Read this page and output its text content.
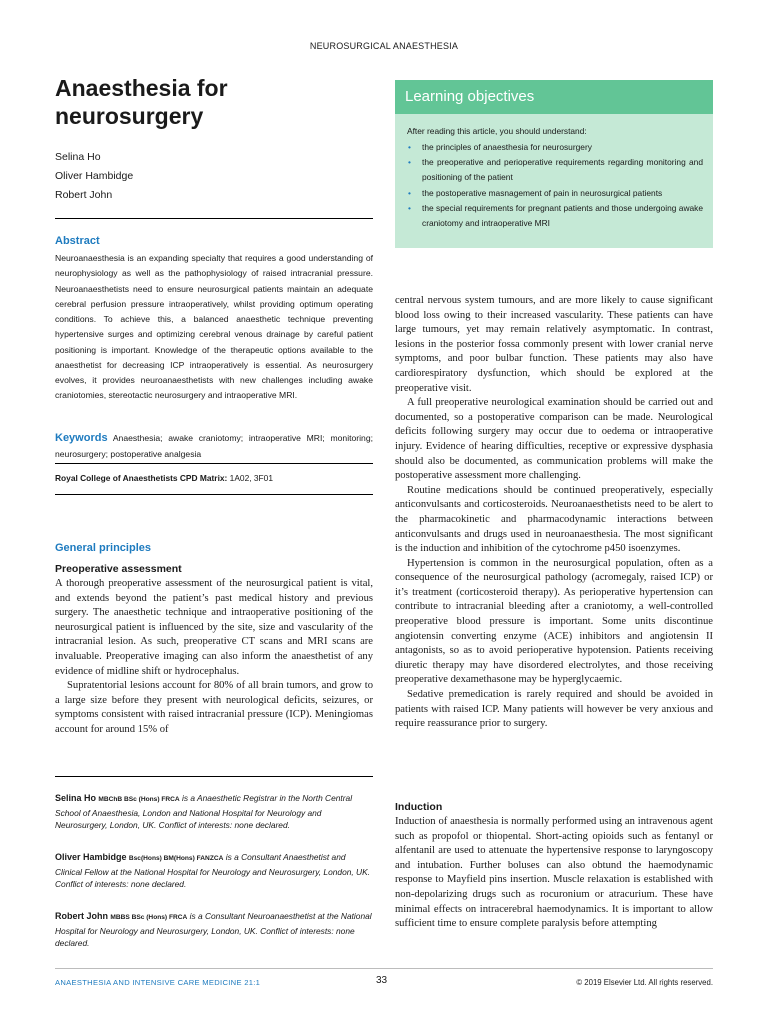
NEUROSURGICAL ANAESTHESIA
Anaesthesia for
neurosurgery
Selina Ho
Oliver Hambidge
Robert John
Abstract
Neuroanaesthesia is an expanding specialty that requires a good understanding of neurophysiology as well as the pathophysiology of raised intracranial pressure. Neuroanaesthetists need to ensure neurosurgical patients maintain an adequate cerebral perfusion pressure intraoperatively, whilst providing optimum operating conditions. To achieve this, a balanced anaesthetic technique preventing hypertensive surges and optimizing cerebral venous drainage by careful patient positioning is important. Knowledge of the therapeutic options available to the anaesthetist for decreasing ICP intraoperatively is essential. As neurosurgery evolves, it provides neuroanaesthetists with new challenges including awake craniotomies, stereotactic neurosurgery and intraoperative MRI.
Keywords Anaesthesia; awake craniotomy; intraoperative MRI; monitoring; neurosurgery; postoperative analgesia
Royal College of Anaesthetists CPD Matrix: 1A02, 3F01
Learning objectives
After reading this article, you should understand:
• the principles of anaesthesia for neurosurgery
• the preoperative and perioperative requirements regarding monitoring and positioning of the patient
• the postoperative masnagement of pain in neurosurgical patients
• the special requirements for pregnant patients and those undergoing awake craniotomy and intraoperative MRI
General principles
Preoperative assessment

A thorough preoperative assessment of the neurosurgical patient is vital, and extends beyond the patient’s past medical history and previous surgery. The anaesthetic technique and intraoperative positioning of the neurosurgical patient is influenced by the site, size and vascularity of the intracranial lesion. As such, preoperative CT scans and MRI scans are invaluable. Preoperative imaging can also inform the anaesthetist of any evidence of midline shift or hydrocephalus.

Supratentorial lesions account for 80% of all brain tumors, and grow to a large size before they present with neurological deficits, seizures, or symptoms consistent with raised intracranial pressure (ICP). Meningiomas account for around 15% of

Selina Ho MBChB BSc (Hons) FRCA is a Anaesthetic Registrar in the North Central School of Anaesthesia, London and National Hospital for Neurology and Neurosurgery, London, UK. Conflict of interests: none declared.
Oliver Hambidge Bsc(Hons) BM(Hons) FANZCA is a Consultant Anaesthetist and Clinical Fellow at the National Hospital for Neurology and Neurosurgery, London, UK. Conflict of interests: none declared.
Robert John MBBS BSc (Hons) FRCA is a Consultant Neuroanaesthetist at the National Hospital for Neurology and Neurosurgery, London, UK. Conflict of interests: none declared.

central nervous system tumours, and are more likely to cause significant blood loss owing to their increased vascularity. These patients can have large tumours, yet may remain relatively asymptomatic. In contrast, lesions in the posterior fossa commonly present with lower cranial nerve symptoms, and poor bulbar function. These patients may also have cardiorespiratory dysfunction, which should be explored at the preoperative visit.

A full preoperative neurological examination should be carried out and documented, so a postoperative comparison can be made. Neurological deficits following surgery may occur due to oedema or intraoperative injury. Evidence of hearing difficulties, receptive or expressive dysphasia should also be documented, as communication problems will make the postoperative assessment more challenging.

Routine medications should be continued preoperatively, especially anticonvulsants and corticosteroids. Neuroanaesthetists need to be alert to the pharmacokinetic and pharmacodynamic interactions between anticonvulsants and drugs used in neuroanaesthesia. The most significant is the induction and inhibition of the cytochrome p450 isoenzymes.

Hypertension is common in the neurosurgical population, often as a consequence of the neurosurgical pathology (acromegaly, raised ICP) or it’s treatment (corticosteroid therapy). As perioperative hypertension can contribute to intracranial bleeding after a craniotomy, a well-controlled preoperative blood pressure is important. Some units discontinue angiotensin converting enzyme (ACE) inhibitors and angiotensin II antagonists, so as to avoid perioperative hypotension. Patients receiving diuretic therapy may have disordered electrolytes, and those receiving preoperative dexamethasone may be hyperglycaemic.

Sedative premedication is rarely required and should be avoided in patients with raised ICP. Many patients will however be very anxious and require reassurance prior to surgery.

Induction

Induction of anaesthesia is normally performed using an intravenous agent such as propofol or thiopental. Short-acting opioids such as fentanyl or alfentanil are used to attenuate the hypertensive response to laryngoscopy and intubation. Further boluses can also obtund the haemodynamic response to Mayfield pins insertion. Muscle relaxation is established with non-depolarizing drugs such as rocuronium or atracurium. These have minimal effects on intracerebral haemodynamics. It is important to allow sufficient time to ensure complete paralysis before attempting

ANAESTHESIA AND INTENSIVE CARE MEDICINE 21:1	33	© 2019 Elsevier Ltd. All rights reserved.
